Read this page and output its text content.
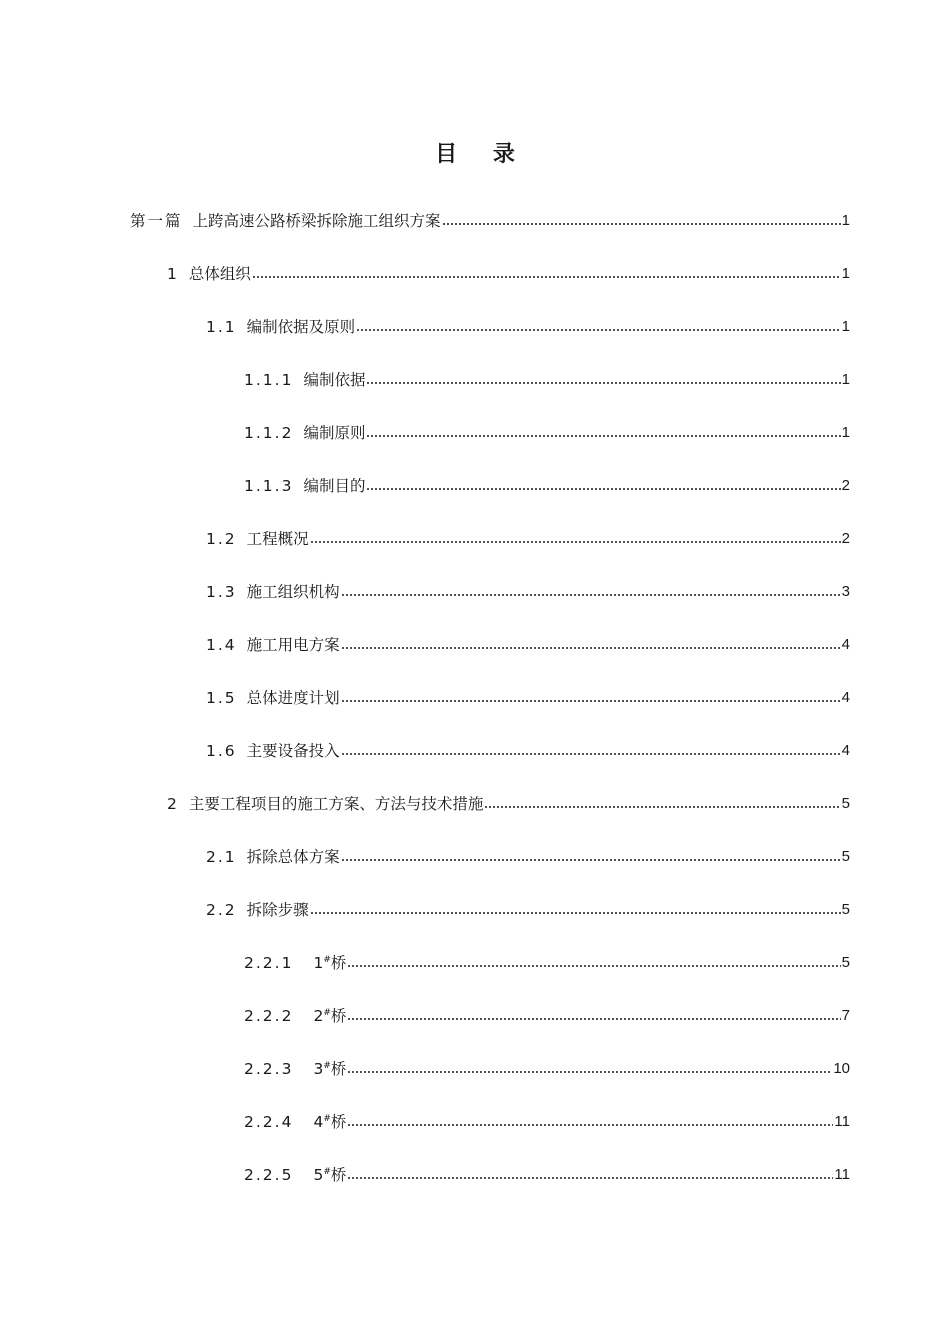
目 录
第一篇 上跨高速公路桥梁拆除施工组织方案	1
1 总体组织	1
1.1 编制依据及原则	1
1.1.1 编制依据	1
1.1.2 编制原则	1
1.1.3 编制目的	2
1.2 工程概况	2
1.3 施工组织机构	3
1.4 施工用电方案	4
1.5 总体进度计划	4
1.6 主要设备投入	4
2 主要工程项目的施工方案、方法与技术措施	5
2.1 拆除总体方案	5
2.2 拆除步骤	5
2.2.1 1#桥	5
2.2.2 2#桥	7
2.2.3 3#桥	10
2.2.4 4#桥	11
2.2.5 5#桥	11
